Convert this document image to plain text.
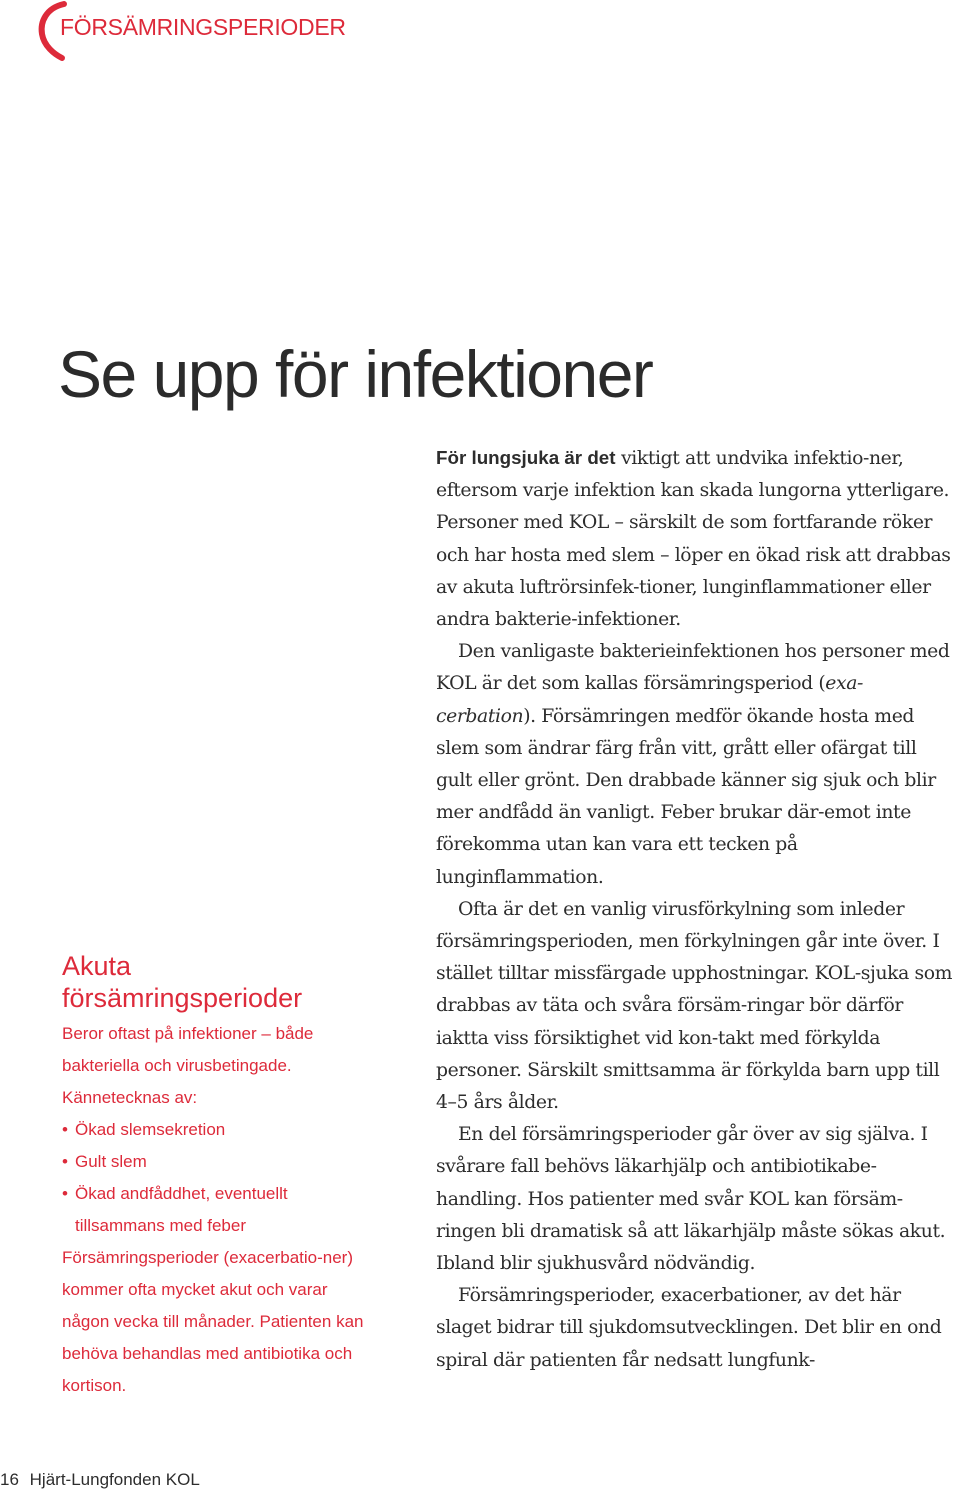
FÖRSÄMRINGSPERIODER
Se upp för infektioner
Akuta försämringsperioder

Beror oftast på infektioner – både bakteriella och virusbetingade.

Kännetecknas av:

• Ökad slemsekretion
• Gult slem
• Ökad andfåddhet, eventuellt tillsammans med feber

Försämringsperioder (exacerbatio-ner) kommer ofta mycket akut och varar någon vecka till månader. Patienten kan behöva behandlas med antibiotika och kortison.

För lungsjuka är det viktigt att undvika infektio-ner, eftersom varje infektion kan skada lungorna ytterligare. Personer med KOL – särskilt de som fortfarande röker och har hosta med slem – löper en ökad risk att drabbas av akuta luftrörsinfek-tioner, lunginflammationer eller andra bakterie-infektioner.

Den vanligaste bakterieinfektionen hos personer med KOL är det som kallas försämringsperiod (exa-cerbation). Försämringen medför ökande hosta med slem som ändrar färg från vitt, grått eller ofärgat till gult eller grönt. Den drabbade känner sig sjuk och blir mer andfådd än vanligt. Feber brukar där-emot inte förekomma utan kan vara ett tecken på lunginflammation.

Ofta är det en vanlig virusförkylning som inleder försämringsperioden, men förkylningen går inte över. I stället tilltar missfärgade upphostningar. KOL-sjuka som drabbas av täta och svåra försäm-ringar bör därför iakttа viss försiktighet vid kon-takt med förkylda personer. Särskilt smittsamma är förkylda barn upp till 4–5 års ålder.

En del försämringsperioder går över av sig själva. I svårare fall behövs läkarhjälp och antibiotikabe-handling. Hos patienter med svår KOL kan försäm-ringen bli dramatisk så att läkarhjälp måste sökas akut. Ibland blir sjukhusvård nödvändig.

Försämringsperioder, exacerbationer, av det här slaget bidrar till sjukdomsutvecklingen. Det blir en ond spiral där patienten får nedsatt lungfunk-

16 Hjärt-Lungfonden KOL
